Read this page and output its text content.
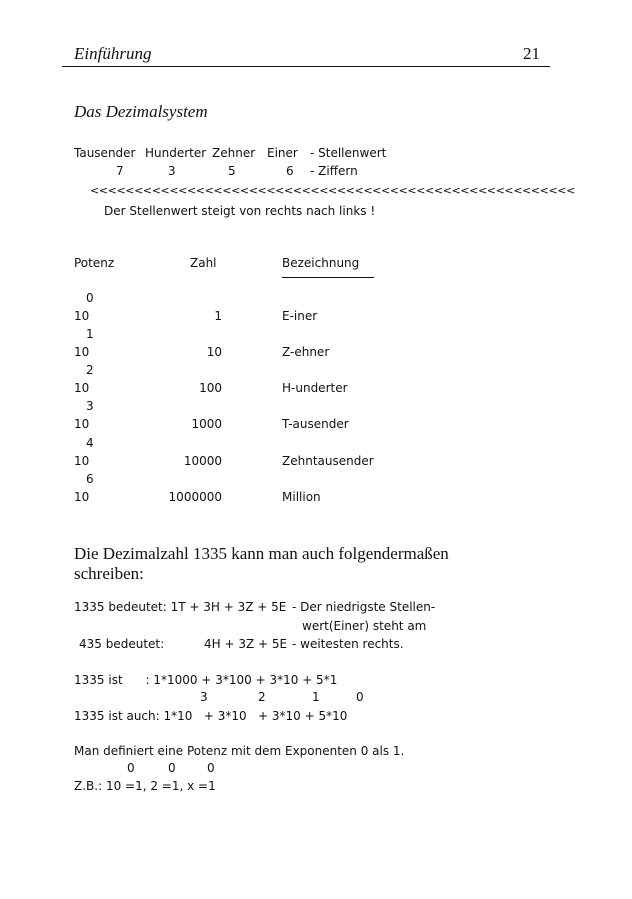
Einführung	21
Das Dezimalsystem
Tausender Hunderter Zehner Einer - Stellenwert
7	3	5	6 - Ziffern
<<<<<<<<<<<<<<<<<<<<<<<<<<<<<<<<<<<<<<<<<<<<<<<<<<<<<<<
Der Stellenwert steigt von rechts nach links !
Potenz	Zahl	Bezeichnung
0
10	1	E-iner
1
10	10	Z-ehner
2
10	100	H-underter
3
10	1000	T-ausender
4
10	10000	Zehntausender
6
10	1000000	Million
Die Dezimalzahl 1335 kann man auch folgendermaßen schreiben:
1335 bedeutet: 1T + 3H + 3Z + 5E - Der niedrigste Stellen-
wert(Einer) steht am
435 bedeutet:	4H + 3Z + 5E - weitesten rechts.
1335 ist      : 1*1000 + 3*100 + 3*10 + 5*1
3	2	1	0
1335 ist auch: 1*10   + 3*10   + 3*10 + 5*10
Man definiert eine Potenz mit dem Exponenten 0 als 1.
0	0	0
Z.B.: 10 =1, 2 =1, x =1
